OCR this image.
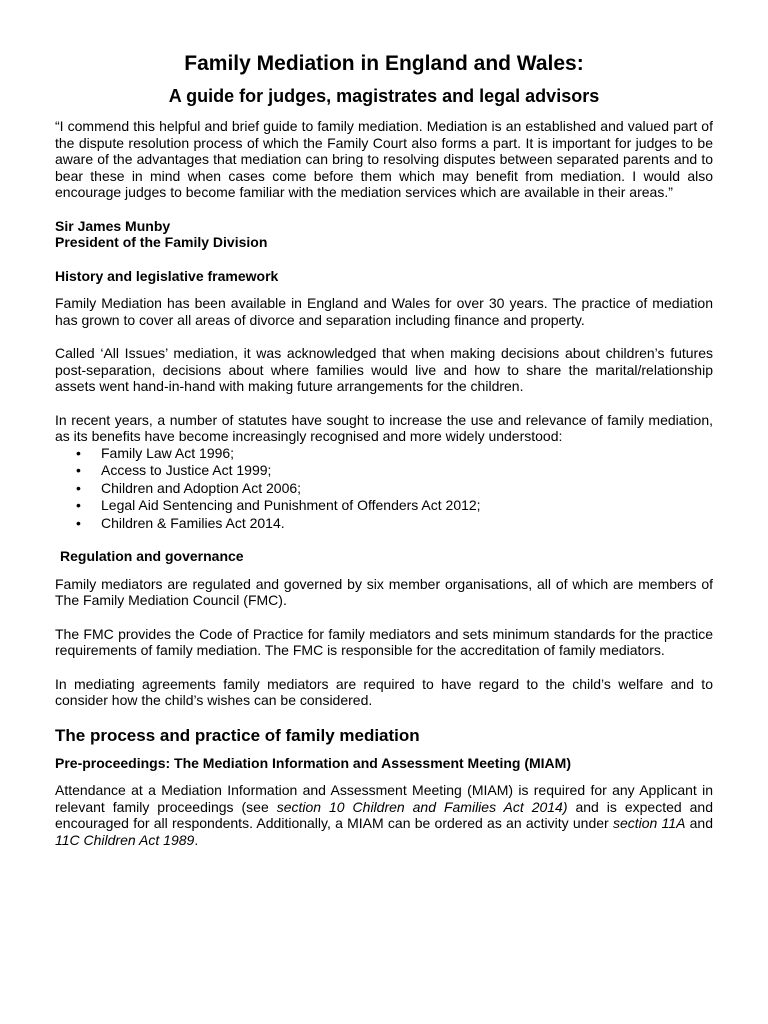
Family Mediation in England and Wales:
A guide for judges, magistrates and legal advisors

“I commend this helpful and brief guide to family mediation. Mediation is an established and valued part of the dispute resolution process of which the Family Court also forms a part. It is important for judges to be aware of the advantages that mediation can bring to resolving disputes between separated parents and to bear these in mind when cases come before them which may benefit from mediation. I would also encourage judges to become familiar with the mediation services which are available in their areas.”

Sir James Munby
President of the Family Division
History and legislative framework

Family Mediation has been available in England and Wales for over 30 years. The practice of mediation has grown to cover all areas of divorce and separation including finance and property.

Called ‘All Issues’ mediation, it was acknowledged that when making decisions about children’s futures post-separation, decisions about where families would live and how to share the marital/relationship assets went hand-in-hand with making future arrangements for the children.

In recent years, a number of statutes have sought to increase the use and relevance of family mediation, as its benefits have become increasingly recognised and more widely understood:

• Family Law Act 1996;
• Access to Justice Act 1999;
• Children and Adoption Act 2006;
• Legal Aid Sentencing and Punishment of Offenders Act 2012;
• Children & Families Act 2014.
Regulation and governance

Family mediators are regulated and governed by six member organisations, all of which are members of The Family Mediation Council (FMC).

The FMC provides the Code of Practice for family mediators and sets minimum standards for the practice requirements of family mediation. The FMC is responsible for the accreditation of family mediators.

In mediating agreements family mediators are required to have regard to the child’s welfare and to consider how the child’s wishes can be considered.

The process and practice of family mediation
Pre-proceedings: The Mediation Information and Assessment Meeting (MIAM)

Attendance at a Mediation Information and Assessment Meeting (MIAM) is required for any Applicant in relevant family proceedings (see section 10 Children and Families Act 2014) and is expected and encouraged for all respondents. Additionally, a MIAM can be ordered as an activity under section 11A and 11C Children Act 1989.
